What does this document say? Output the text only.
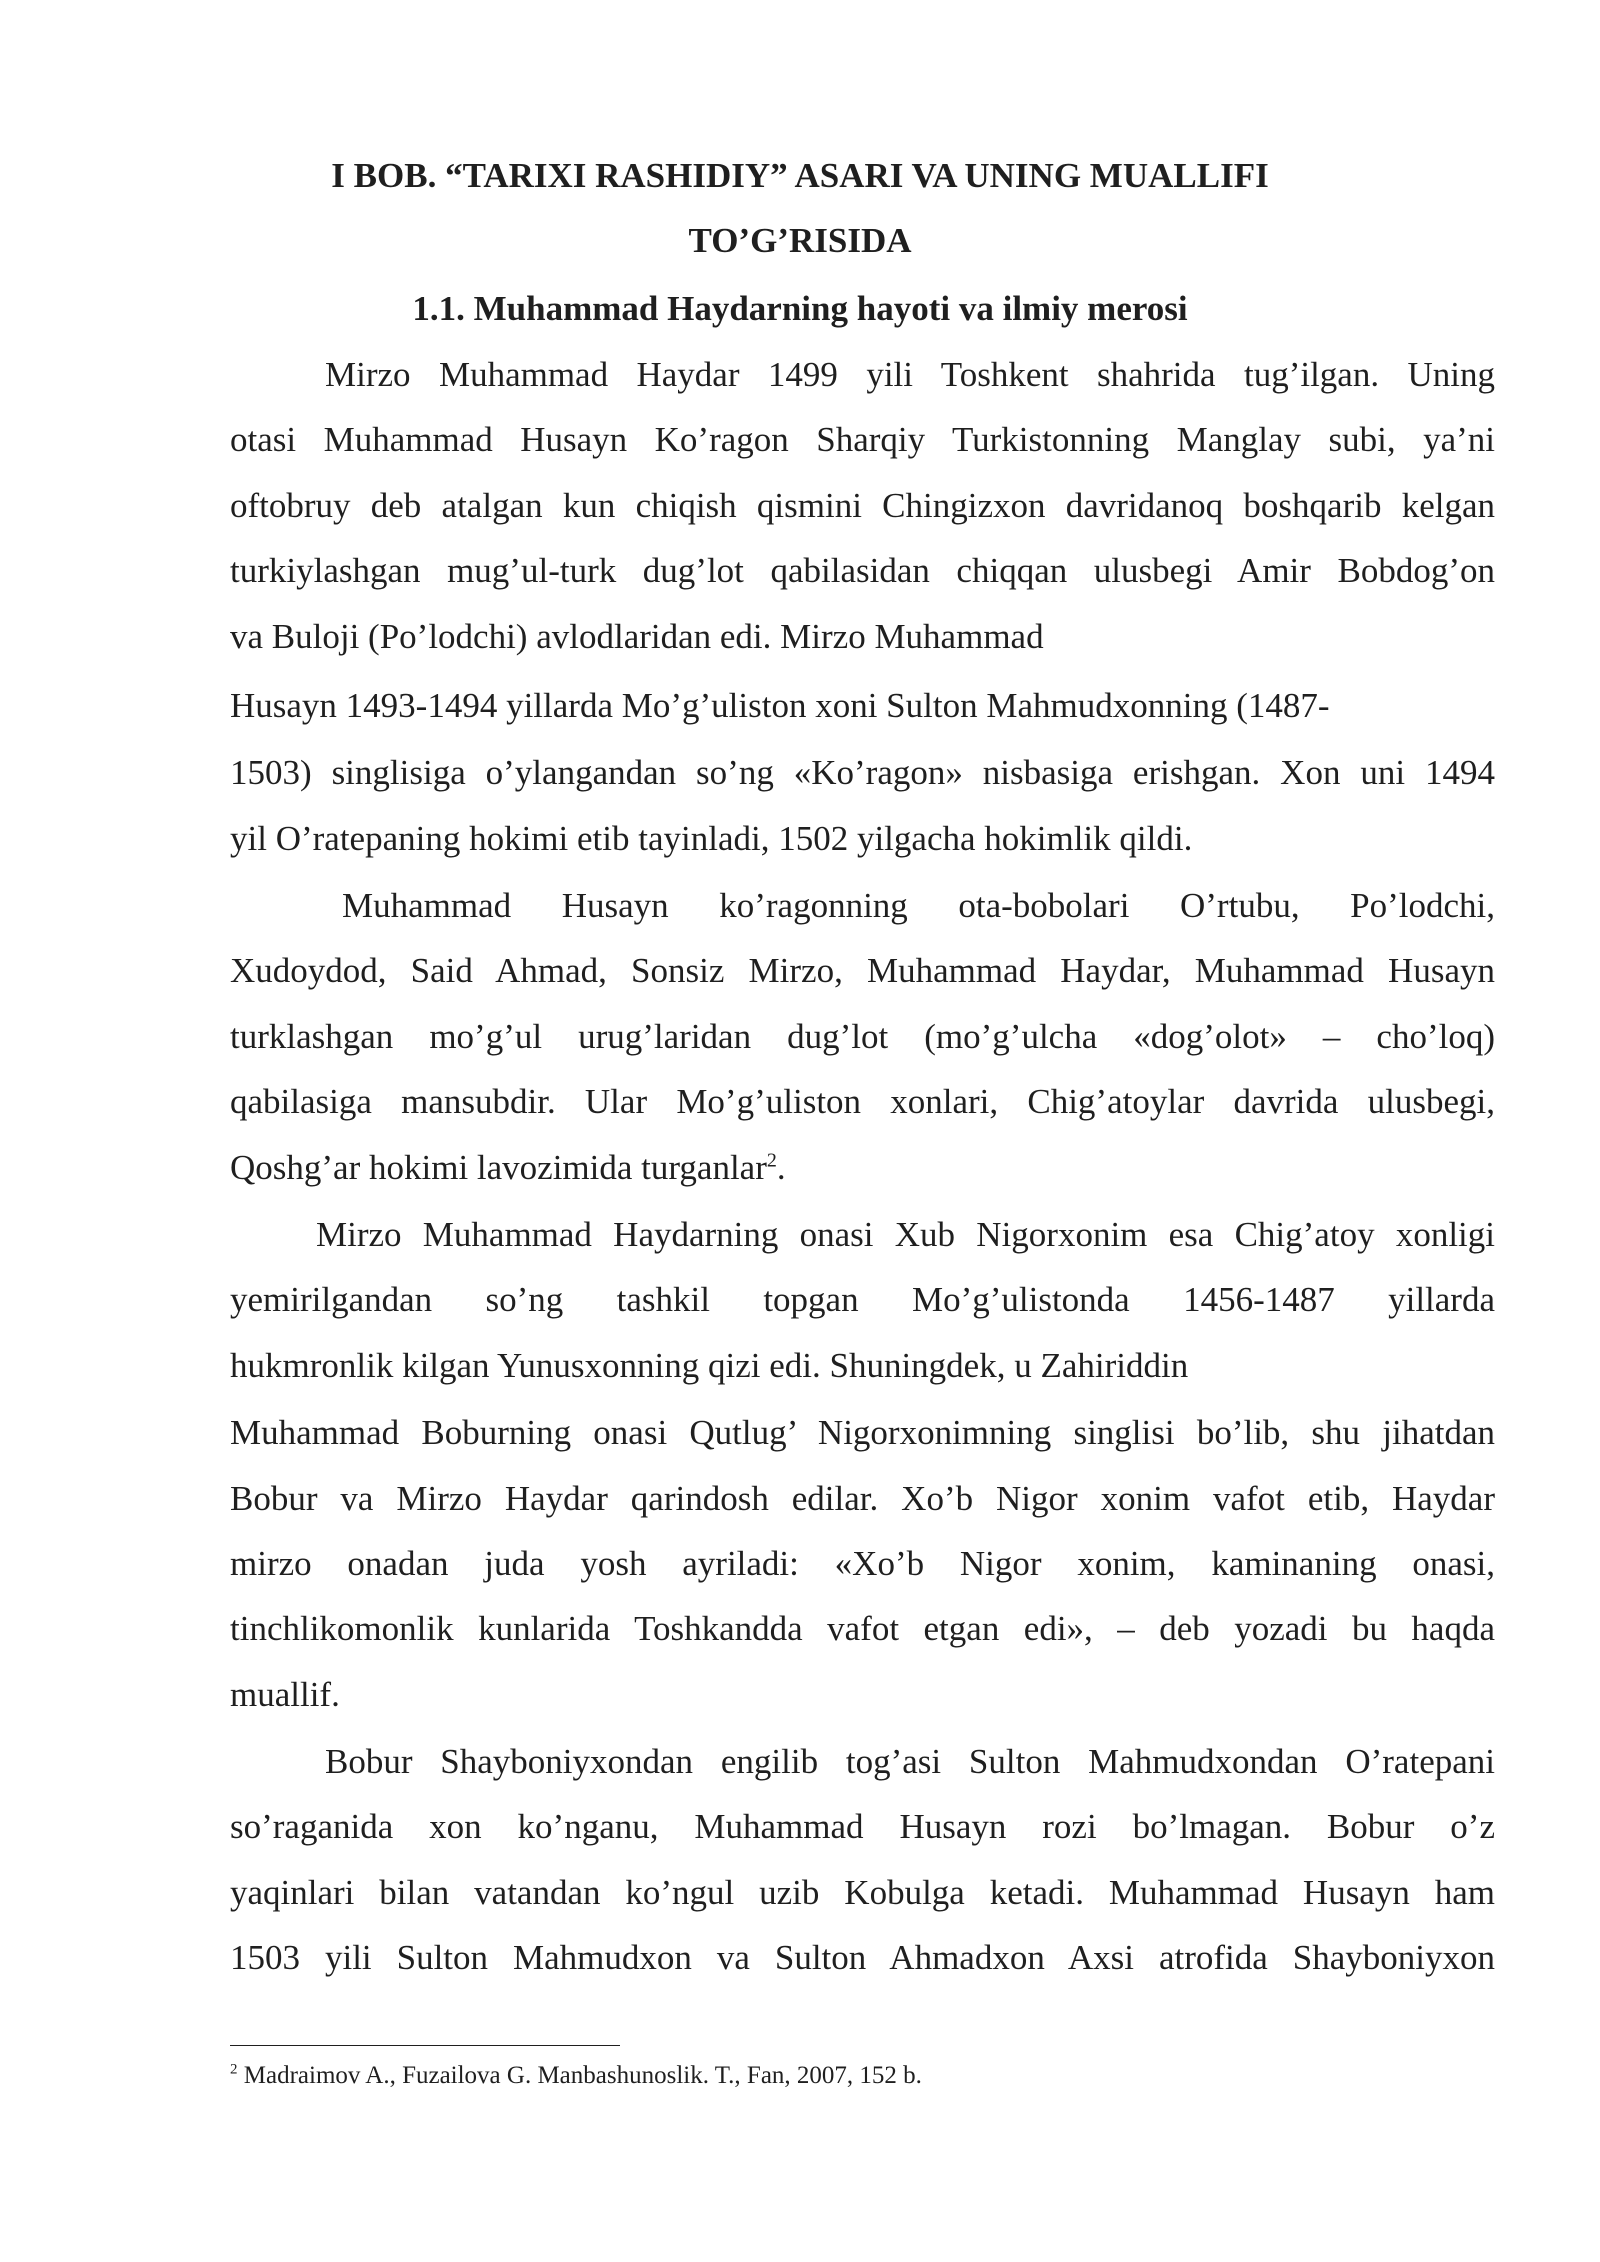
I BOB. “TARIXI RASHIDIY” ASARI VA UNING MUALLIFI
TO’G’RISIDA
1.1. Muhammad Haydarning hayoti va ilmiy merosi
Mirzo Muhammad Haydar 1499 yili Toshkent shahrida tug’ilgan. Uning
otasi Muhammad Husayn Ko’ragon Sharqiy Turkistonning Manglay subi, ya’ni
oftobruy deb atalgan kun chiqish qismini Chingizxon davridanoq boshqarib kelgan
turkiylashgan mug’ul-turk dug’lot qabilasidan chiqqan ulusbegi Amir Bobdog’on
va Buloji (Po’lodchi) avlodlaridan edi. Mirzo Muhammad
Husayn 1493-1494 yillarda Mo’g’uliston xoni Sulton Mahmudxonning (1487-
1503) singlisiga o’ylangandan so’ng «Ko’ragon» nisbasiga erishgan. Xon uni 1494
yil O’ratepaning hokimi etib tayinladi, 1502 yilgacha hokimlik qildi.
Muhammad Husayn ko’ragonning ota-bobolari O’rtubu, Po’lodchi,
Xudoydod, Said Ahmad, Sonsiz Mirzo, Muhammad Haydar, Muhammad Husayn
turklashgan mo’g’ul urug’laridan dug’lot (mo’g’ulcha «dog’olot» – cho’loq)
qabilasiga mansubdir. Ular Mo’g’uliston xonlari, Chig’atoylar davrida ulusbegi,
Qoshg’ar hokimi lavozimida turganlar$^2$.
Mirzo Muhammad Haydarning onasi Xub Nigorxonim esa Chig’atoy xonligi
yemirilgandan so’ng tashkil topgan Mo’g’ulistonda 1456-1487 yillarda
hukmronlik kilgan Yunusxonning qizi edi. Shuningdek, u Zahiriddin
Muhammad Boburning onasi Qutlug’ Nigorxonimning singlisi bo’lib, shu jihatdan
Bobur va Mirzo Haydar qarindosh edilar. Xo’b Nigor xonim vafot etib, Haydar
mirzo onadan juda yosh ayriladi: «Xo’b Nigor xonim, kaminaning onasi,
tinchlikomonlik kunlarida Toshkandda vafot etgan edi», – deb yozadi bu haqda
muallif.
Bobur Shayboniyxondan engilib tog’asi Sulton Mahmudxondan O’ratepani
so’raganida xon ko’nganu, Muhammad Husayn rozi bo’lmagan. Bobur o’z
yaqinlari bilan vatandan ko’ngul uzib Kobulga ketadi. Muhammad Husayn ham
1503 yili Sulton Mahmudxon va Sulton Ahmadxon Axsi atrofida Shayboniyxon
$^2$ Madraimov A., Fuzailova G. Manbashunoslik. T., Fan, 2007, 152 b.
